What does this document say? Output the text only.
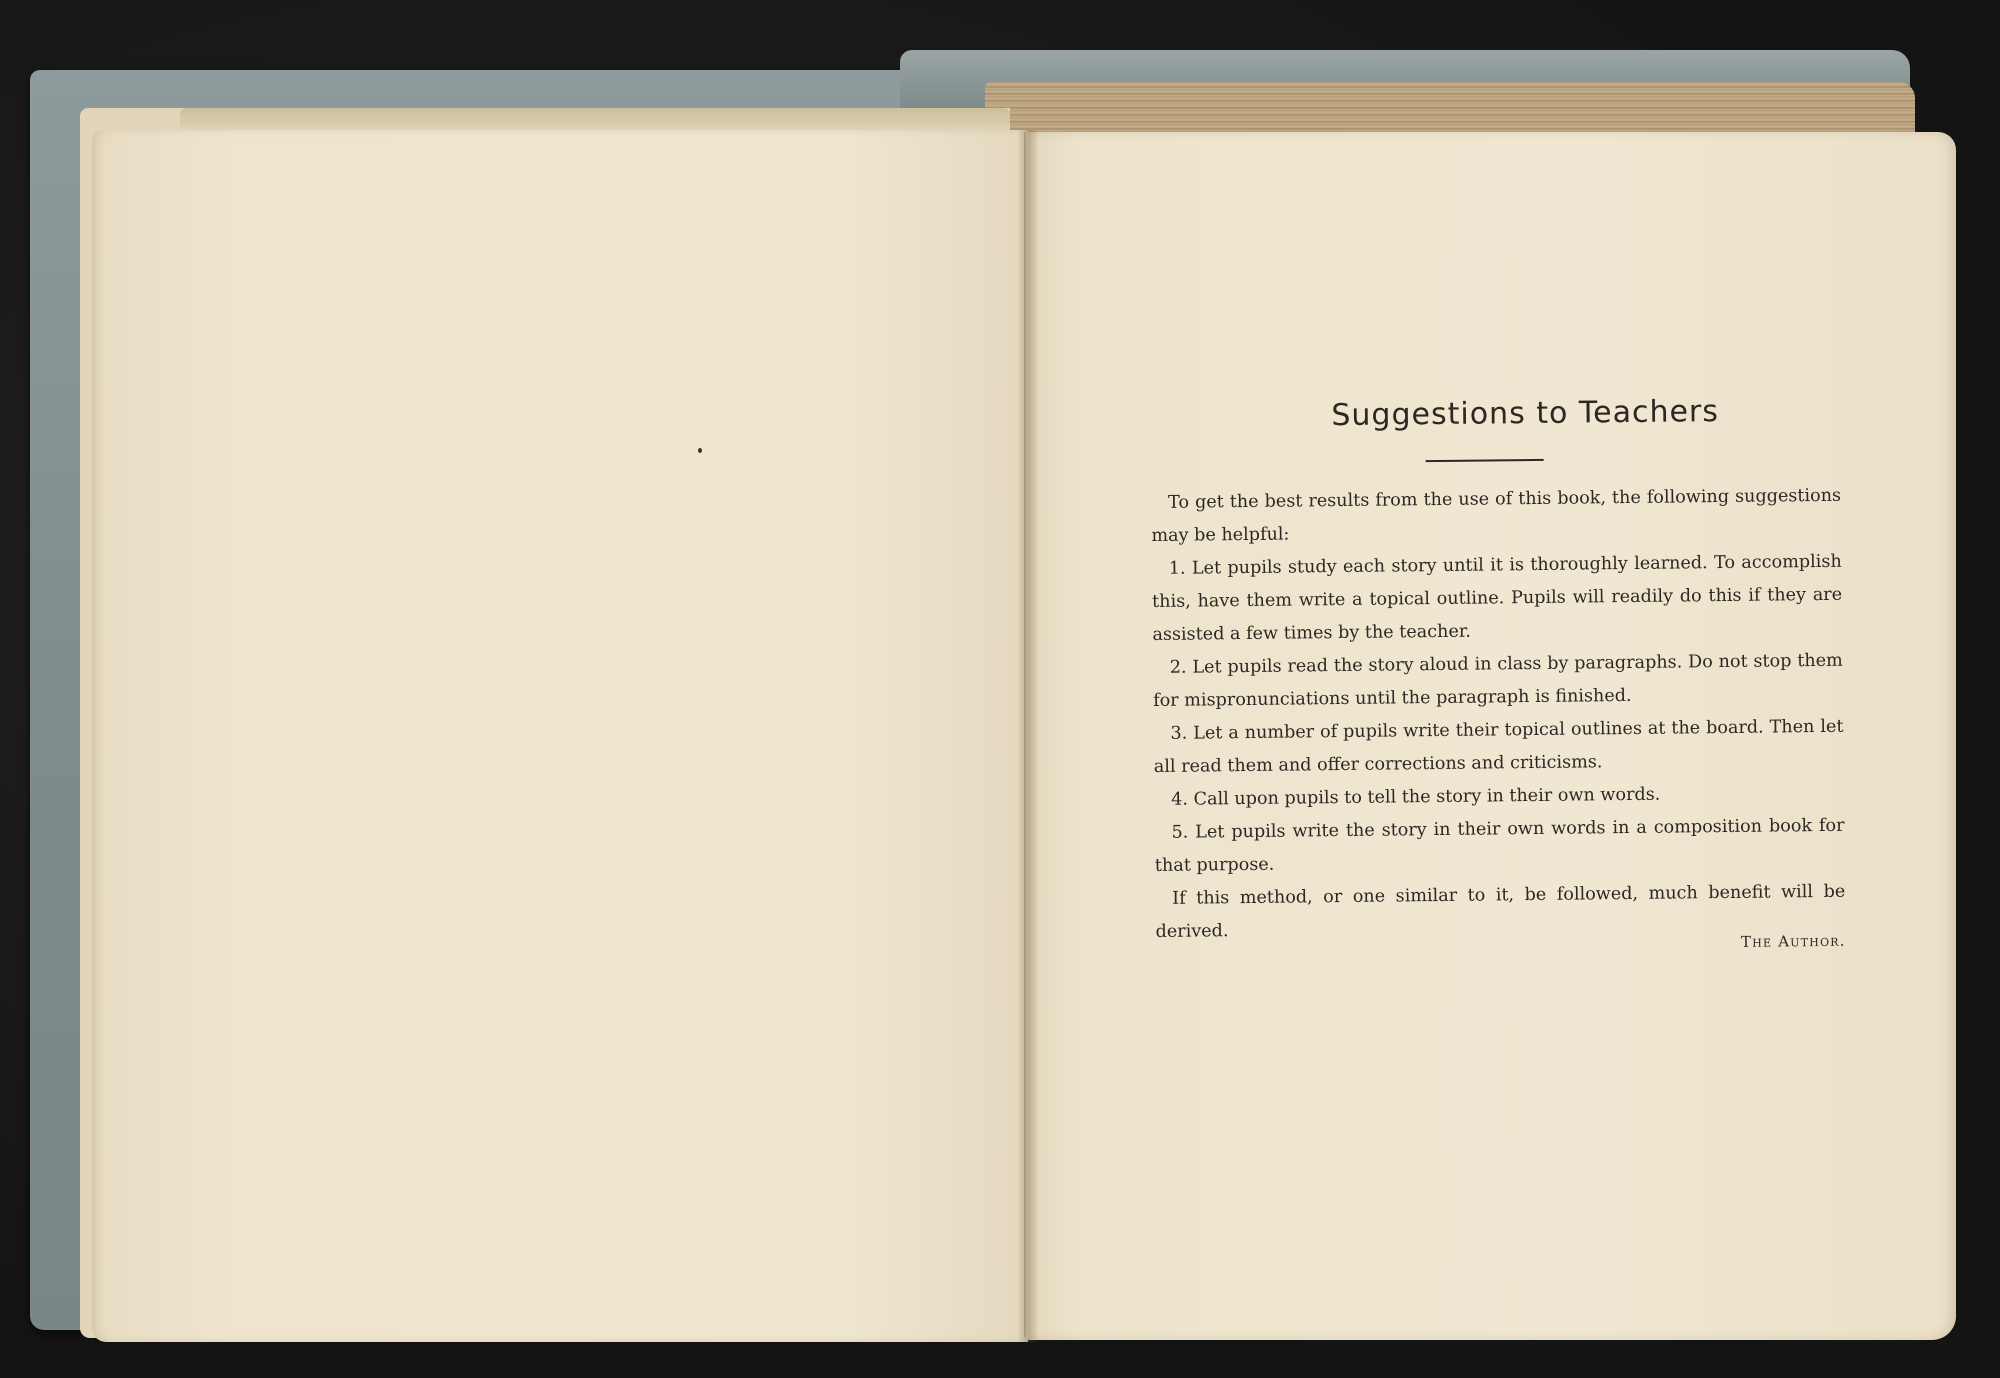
Suggestions to Teachers

To get the best results from the use of this book, the following suggestions may be helpful:

1. Let pupils study each story until it is thoroughly learned. To accomplish this, have them write a topical outline. Pupils will readily do this if they are assisted a few times by the teacher.

2. Let pupils read the story aloud in class by paragraphs. Do not stop them for mispronunciations until the paragraph is finished.

3. Let a number of pupils write their topical outlines at the board. Then let all read them and offer corrections and criticisms.

4. Call upon pupils to tell the story in their own words.

5. Let pupils write the story in their own words in a composition book for that purpose.

If this method, or one similar to it, be followed, much benefit will be derived.	The Author.
